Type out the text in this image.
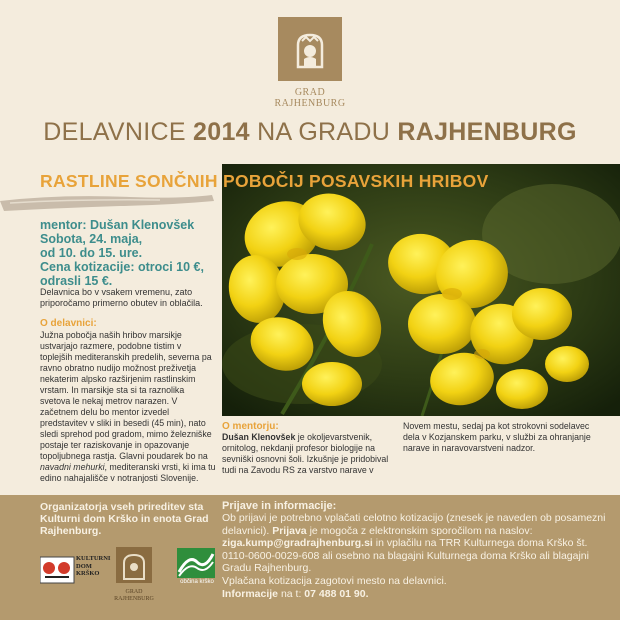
GRAD
RAJHENBURG
DELAVNICE 2014 NA GRADU RAJHENBURG
RASTLINE SONČNIH POBOČIJ POSAVSKIH HRIBOV
mentor: Dušan Klenovšek
Sobota, 24. maja,
od 10. do 15. ure.
Cena kotizacije: otroci 10 €, odrasli 15 €.
Delavnica bo v vsakem vremenu, zato priporočamo primerno obutev in oblačila.
O delavnici:
Južna pobočja naših hribov marsikje ustvarjajo razmere, podobne tistim v toplejših mediteranskih predelih, severna pa ravno obratno nudijo možnost preživetja nekaterim alpsko razširjenim rastlinskim vrstam. In marsikje sta si ta raznolika svetova le nekaj metrov narazen. V začetnem delu bo mentor izvedel predstavitev v sliki in besedi (45 min), nato sledi sprehod pod gradom, mimo železniške postaje ter raziskovanje in opazovanje topoljubnega rastja. Glavni poudarek bo na navadni mehurki, mediteranski vrsti, ki ima tu edino nahajališče v notranjosti Slovenije.
O mentorju:
Dušan Klenovšek je okoljevarstvenik, ornitolog, nekdanji profesor biologije na sevniški osnovni šoli. Izkušnje je pridobival tudi na Zavodu RS za varstvo narave v
Novem mestu, sedaj pa kot strokovni sodelavec dela v Kozjanskem parku, v službi za ohranjanje narave in naravovarstveni nadzor.
Organizatorja vseh prireditev sta Kulturni dom Krško in enota Grad Rajhenburg.
KULTURNI
DOM
KRŠKO
GRAD
RAJHENBURG
občina krško
Prijave in informacije:
Ob prijavi je potrebno vplačati celotno kotizacijo (znesek je naveden ob posamezni delavnici). Prijava je mogoča z elektronskim sporočilom na naslov: ziga.kump@gradrajhenburg.si in vplačilu na TRR Kulturnega doma Krško št. 0110-0600-0029-608 ali osebno na blagajni Kulturnega doma Krško ali blagajni Gradu Rajhenburg.
Vplačana kotizacija zagotovi mesto na delavnici.
Informacije na t: 07 488 01 90.
